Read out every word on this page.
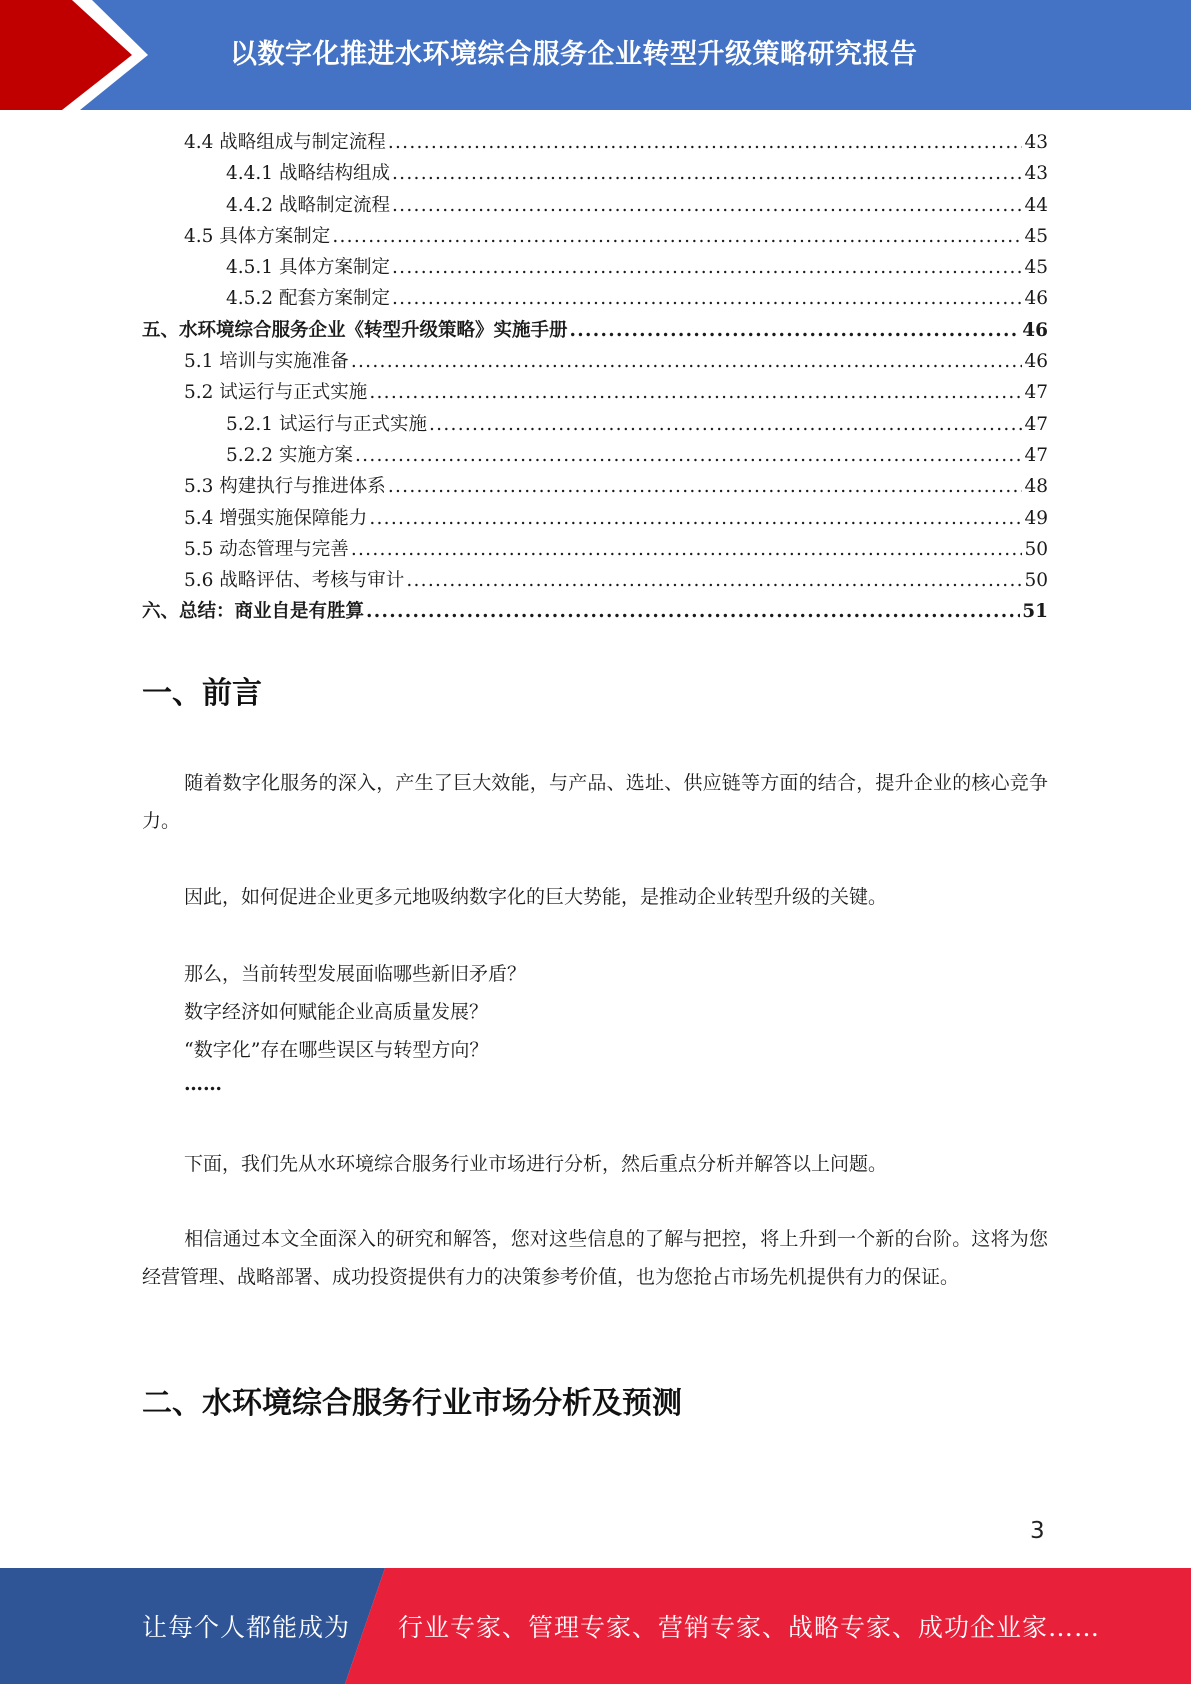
以数字化推进水环境综合服务企业转型升级策略研究报告
4.4 战略组成与制定流程 .....	43
4.4.1 战略结构组成 .....	43
4.4.2 战略制定流程 .....	44
4.5 具体方案制定 .....	45
4.5.1 具体方案制定 .....	45
4.5.2 配套方案制定 .....	46
五、水环境综合服务企业《转型升级策略》实施手册 .....	46
5.1 培训与实施准备 .....	46
5.2 试运行与正式实施 .....	47
5.2.1 试运行与正式实施 .....	47
5.2.2 实施方案 .....	47
5.3 构建执行与推进体系 .....	48
5.4 增强实施保障能力 .....	49
5.5 动态管理与完善 .....	50
5.6 战略评估、考核与审计 .....	50
六、总结：商业自是有胜算 .....	51
一、前言
随着数字化服务的深入，产生了巨大效能，与产品、选址、供应链等方面的结合，提升企业的核心竞争力。
因此，如何促进企业更多元地吸纳数字化的巨大势能，是推动企业转型升级的关键。
那么，当前转型发展面临哪些新旧矛盾？
数字经济如何赋能企业高质量发展？
“数字化”存在哪些误区与转型方向？
……
下面，我们先从水环境综合服务行业市场进行分析，然后重点分析并解答以上问题。
相信通过本文全面深入的研究和解答，您对这些信息的了解与把控，将上升到一个新的台阶。这将为您经营管理、战略部署、成功投资提供有力的决策参考价值，也为您抢占市场先机提供有力的保证。
二、水环境综合服务行业市场分析及预测
3
让每个人都能成为 行业专家、管理专家、营销专家、战略专家、成功企业家……
